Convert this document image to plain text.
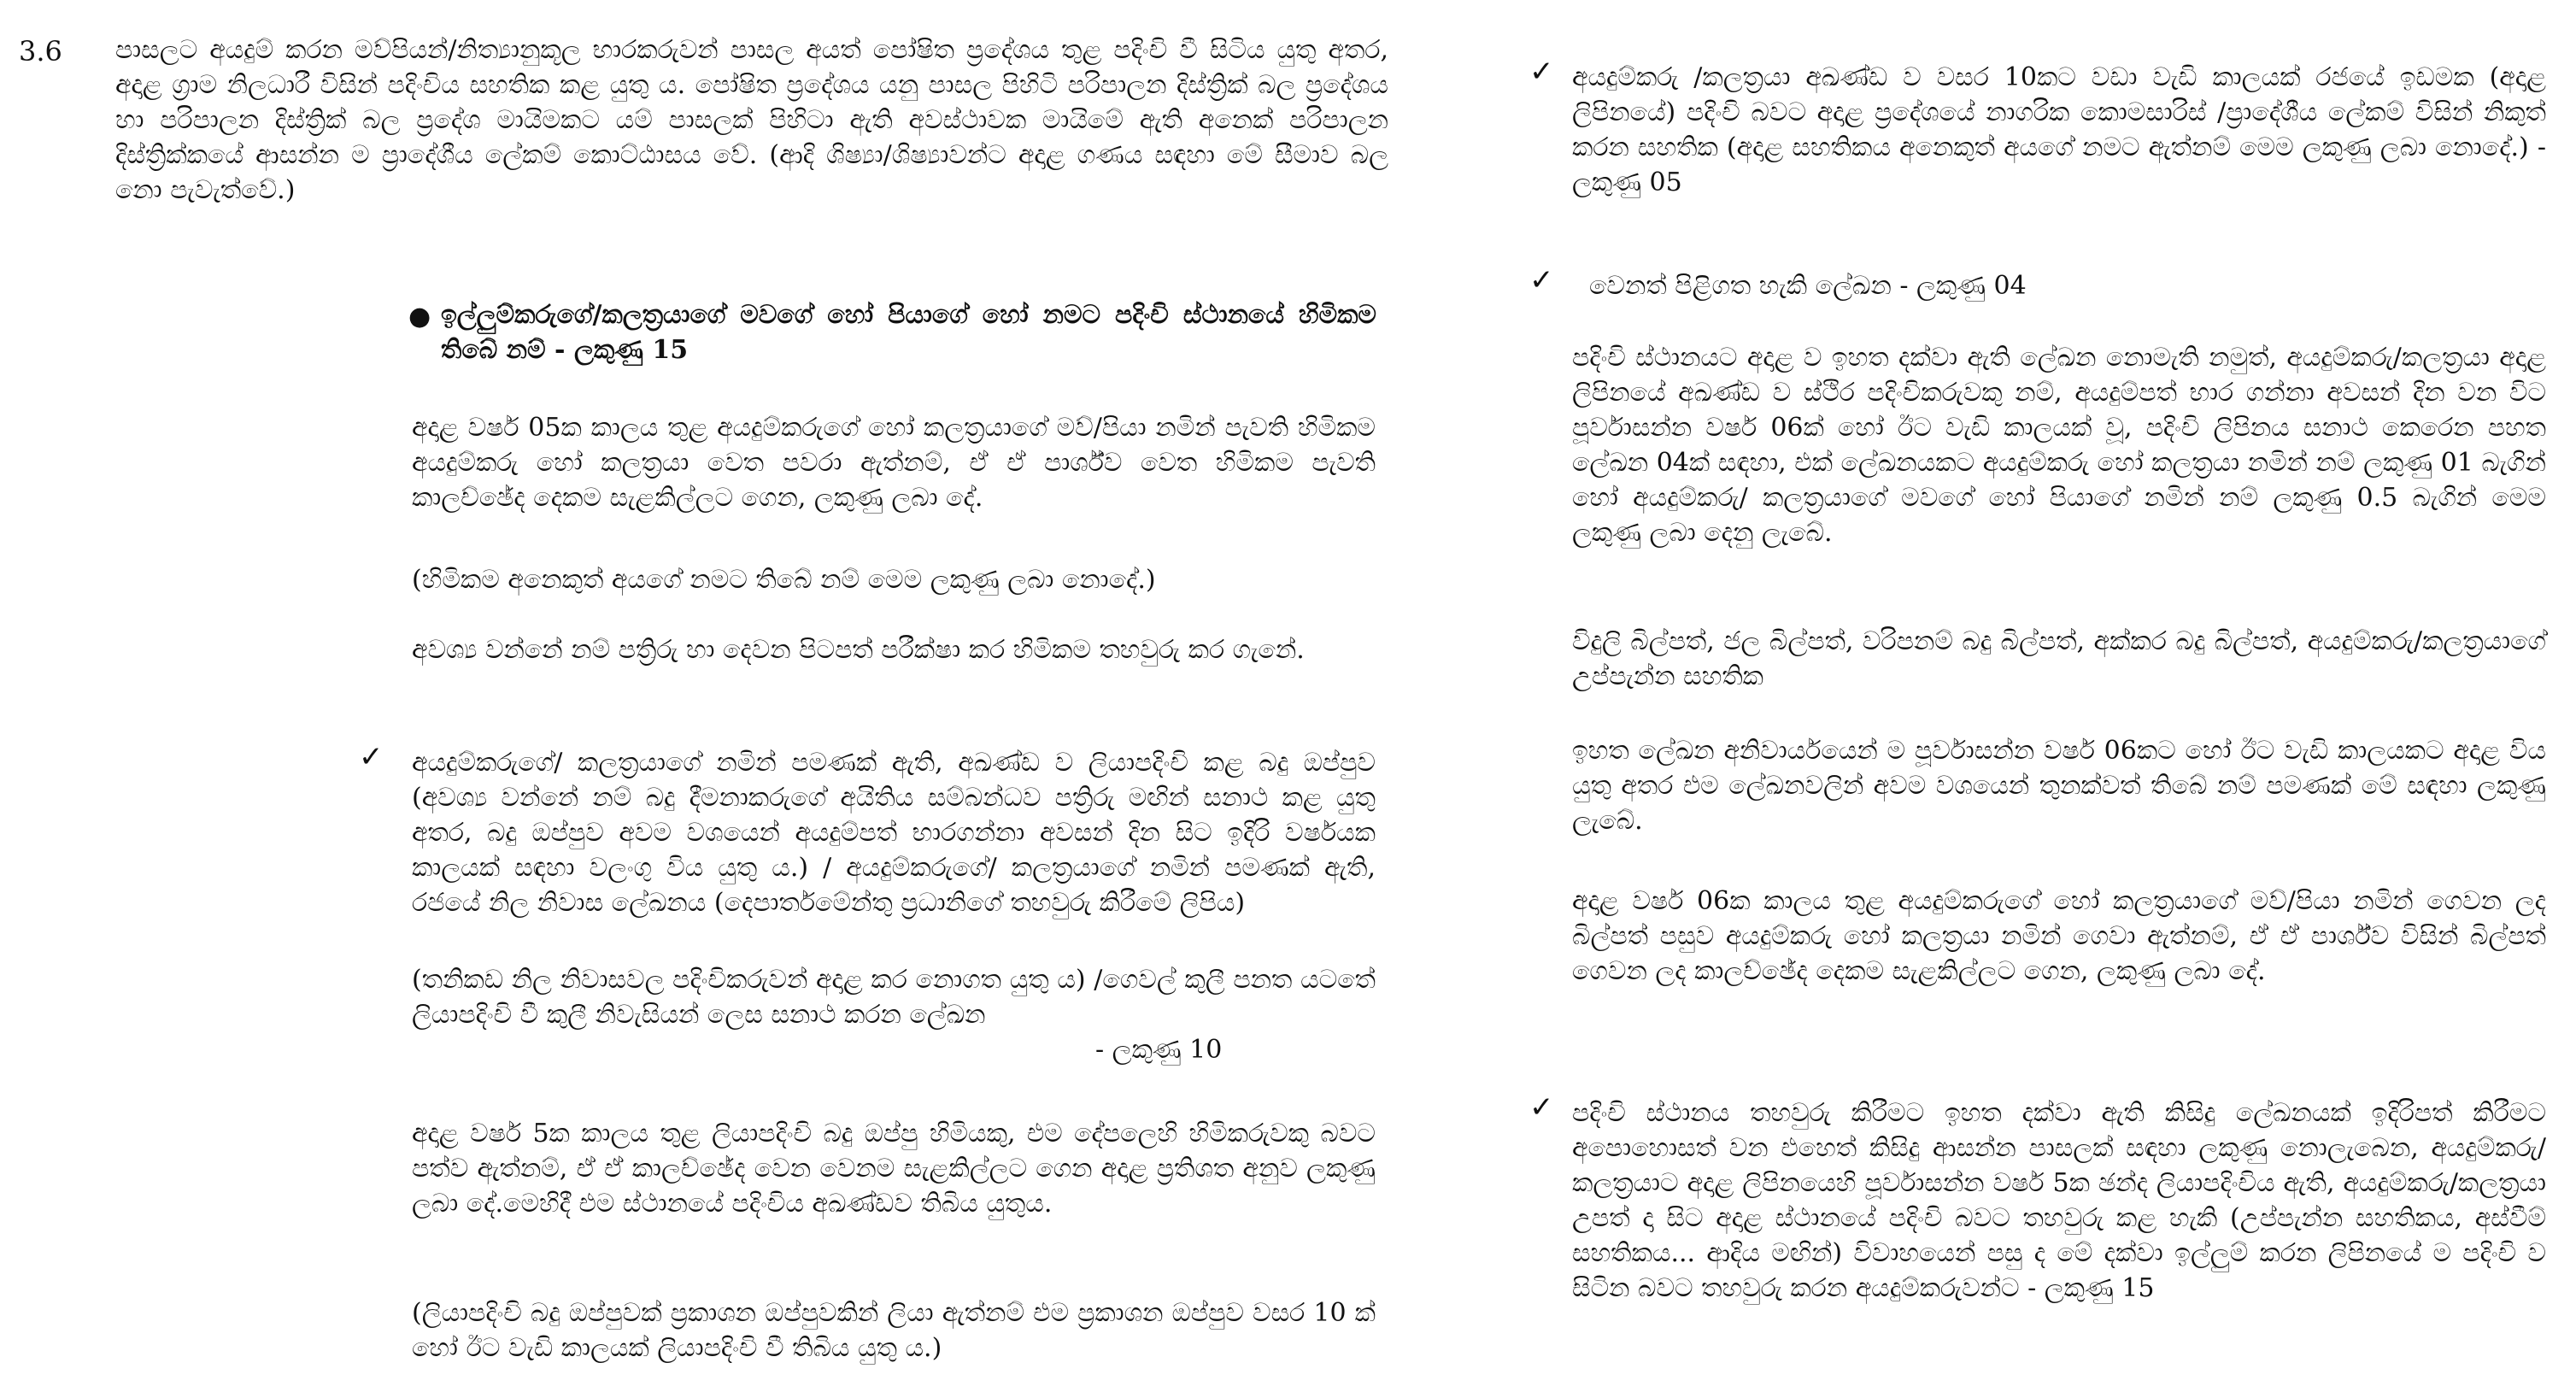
3.6 පාසලට අයදුම් කරන මව්පියන්/නිත්‍යානුකූල භාරකරුවන් පාසල අයත් පෝෂිත ප්‍රදේශය තුළ පදිංචි වී සිටිය යුතු අතර, අදාළ ග්‍රාම නිලධාරී විසින් පදිංචිය සහතික කළ යුතු ය. පෝෂිත ප්‍රදේශය යනු පාසල පිහිටි පරිපාලන දිස්ත්‍රික් බල ප්‍රදේශය හා පරිපාලන දිස්ත්‍රික් බල ප්‍රදේශ මායිමකට යම් පාසලක් පිහිටා ඇති අවස්ථාවක මායිමේ ඇති අනෙක් පරිපාලන දිස්ත්‍රික්කයේ ආසන්න ම ප්‍රාදේශීය ලේකම් කොට්ඨාසය වේ. (ආදි ශිෂ්‍යා/ශිෂ්‍යාවන්ට අදාළ ගණය සඳහා මේ සීමාව බල නො පැවැත්වේ.)

● ඉල්ලුම්කරුගේ/කලත්‍රයාගේ මවගේ හෝ පියාගේ හෝ නමට පදිංචි ස්ථානයේ හිමිකම තිබේ නම් - ලකුණු 15

අදාළ වර්ෂ 05ක කාලය තුළ අයදුම්කරුගේ හෝ කලත්‍රයාගේ මව්/පියා නමින් පැවති හිමිකම අයදුම්කරු හෝ කලත්‍රයා වෙත පවරා ඇත්නම්, ඒ ඒ පාර්ශ්ව වෙත හිමිකම පැවති කාලච්ඡේද දෙකම සැළකිල්ලට ගෙන, ලකුණු ලබා දේ.

(හිමිකම අනෙකුත් අයගේ නමට තිබේ නම් මෙම ලකුණු ලබා නොදේ.)

අවශ්‍ය වන්නේ නම් පත්‍රිරු හා දෙවන පිටපත් පරීක්ෂා කර හිමිකම තහවුරු කර ගැනේ.

✓ අයදුම්කරුගේ/ කලත්‍රයාගේ නමින් පමණක් ඇති, අඛණ්ඩ ව ලියාපදිංචි කළ බදු ඔප්පුව (අවශ්‍ය වන්නේ නම් බදු දීමනාකරුගේ අයිතිය සම්බන්ධව පත්‍රිරු මඟින් සනාථ කළ යුතු අතර, බදු ඔප්පුව අවම වශයෙන් අයදුම්පත් භාරගන්නා අවසන් දින සිට ඉදිරි වර්ෂයක කාලයක් සඳහා වලංගු විය යුතු ය.) / අයදුම්කරුගේ/ කලත්‍රයාගේ නමින් පමණක් ඇති, රජයේ නිල නිවාස ලේඛනය (දෙපාර්තමේන්තු ප්‍රධානිගේ තහවුරු කිරීමේ ලිපිය)

(තනිකඩ නිල නිවාසවල පදිංචිකරුවන් අදාළ කර නොගත යුතු ය) /ගෙවල් කුලී පනත යටතේ ලියාපදිංචි වී කුලී නිවැසියන් ලෙස සනාථ කරන ලේඛන

- ලකුණු 10

අදාළ වර්ෂ 5ක කාලය තුළ ලියාපදිංචි බදු ඔප්පු හිමියකු, එම දේපලෙහි හිමිකරුවකු බවට පත්ව ඇත්නම්, ඒ ඒ කාලච්ඡේද වෙන වෙනම සැළකිල්ලට ගෙන අදාළ ප්‍රතිශත අනුව ලකුණු ලබා දේ.මෙහිදී එම ස්ථානයේ පදිංචිය අඛණ්ඩව තිබිය යුතුය.

(ලියාපදිංචි බදු ඔප්පුවක් ප්‍රකාශන ඔප්පුවකින් ලියා ඇත්නම් එම ප්‍රකාශන ඔප්පුව වසර 10 ක් හෝ ඊට වැඩි කාලයක් ලියාපදිංචි වී තිබිය යුතු ය.)

✓ අයදුම්කරු /කලත්‍රයා අඛණ්ඩ ව වසර 10කට වඩා වැඩි කාලයක් රජයේ ඉඩමක (අදාළ ලිපිනයේ) පදිංචි බවට අදාළ ප්‍රදේශයේ නාගරික කොමසාරිස් /ප්‍රාදේශීය ලේකම් විසින් නිකුත් කරන සහතික (අදාළ සහතිකය අනෙකුත් අයගේ නමට ඇත්නම් මෙම ලකුණු ලබා නොදේ.) - ලකුණු 05

✓ වෙනත් පිළිගත හැකි ලේඛන - ලකුණු 04

පදිංචි ස්ථානයට අදාළ ව ඉහත දක්වා ඇති ලේඛන නොමැති නමුත්, අයදුම්කරු/කලත්‍රයා අදාළ ලිපිනයේ අඛණ්ඩ ව ස්ථිර පදිංචිකරුවකු නම්, අයදුම්පත් භාර ගන්නා අවසන් දින වන විට පූර්වාසන්න වර්ෂ 06ක් හෝ ඊට වැඩි කාලයක් වූ, පදිංචි ලිපිනය සනාථ කෙරෙන පහත ලේඛන 04ක් සඳහා, එක් ලේඛනයකට අයදුම්කරු හෝ කලත්‍රයා නමින් නම් ලකුණු 01 බැගින් හෝ අයදුම්කරු/ කලත්‍රයාගේ මවගේ හෝ පියාගේ නමින් නම් ලකුණු 0.5 බැගින් මෙම ලකුණු ලබා දෙනු ලැබේ.

විදුලි බිල්පත්, ජල බිල්පත්, වරිපනම් බදු බිල්පත්, අක්කර බදු බිල්පත්, අයදුම්කරු/කලත්‍රයාගේ උප්පැන්න සහතික

ඉහත ලේඛන අනිවාර්යයෙන් ම පූර්වාසන්න වර්ෂ 06කට හෝ ඊට වැඩි කාලයකට අදාළ විය යුතු අතර එම ලේඛනවලින් අවම වශයෙන් තුනක්වත් තිබේ නම් පමණක් මේ සඳහා ලකුණු ලැබේ.

අදාළ වර්ෂ 06ක කාලය තුළ අයදුම්කරුගේ හෝ කලත්‍රයාගේ මව්/පියා නමින් ගෙවන ලද බිල්පත් පසුව අයදුම්කරු හෝ කලත්‍රයා නමින් ගෙවා ඇත්නම්, ඒ ඒ පාර්ශ්ව විසින් බිල්පත් ගෙවන ලද කාලච්ඡේද දෙකම සැළකිල්ලට ගෙන, ලකුණු ලබා දේ.

✓ පදිංචි ස්ථානය තහවුරු කිරීමට ඉහත දක්වා ඇති කිසිදු ලේඛනයක් ඉදිරිපත් කිරීමට අපොහොසත් වන එහෙත් කිසිදු ආසන්න පාසලක් සඳහා ලකුණු නොලැබෙන, අයදුම්කරු/කලත්‍රයාට අදාළ ලිපිනයෙහි පූර්වාසන්න වර්ෂ 5ක ඡන්ද ලියාපදිංචිය ඇති, අයදුම්කරු/කලත්‍රයා උපත් දා සිට අදාළ ස්ථානයේ පදිංචි බවට තහවුරු කළ හැකි (උප්පැන්න සහතිකය, අස්වීම් සහතිකය... ආදිය මඟින්) විවාහයෙන් පසු ද මේ දක්වා ඉල්ලුම් කරන ලිපිනයේ ම පදිංචි ව සිටින බවට තහවුරු කරන අයදුම්කරුවන්ට - ලකුණු 15
